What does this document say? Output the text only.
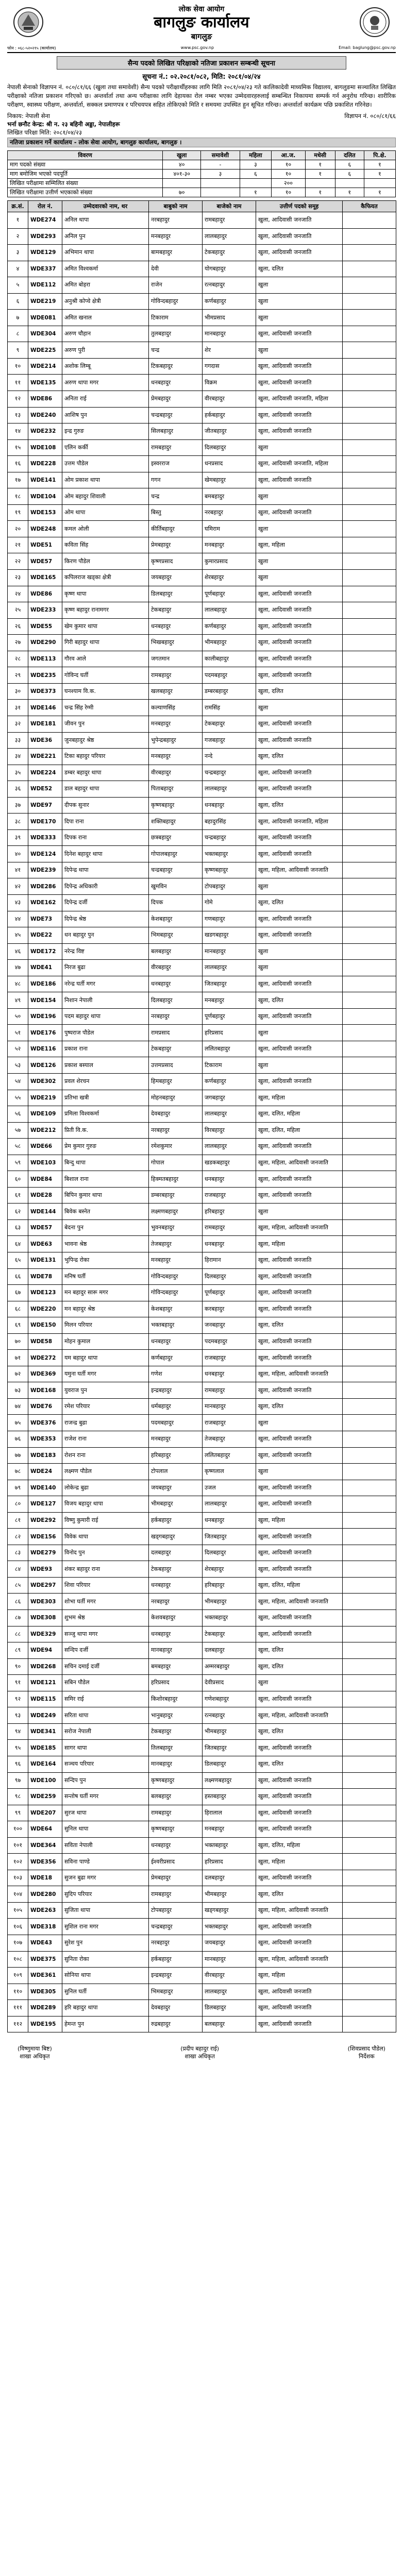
लोक सेवा आयोग
बागलुङ कार्यालय
बागलुङ
फोन : ०६८-५२०२१५ (कार्यालय)	www.psc.gov.np	Email: baglung@psc.gov.np
सैन्य पदको लिखित परिक्षाको नतिजा प्रकाशन सम्बन्धी सूचना
सूचना नं.: ०२.२०८१/०८२, मिति: २०८१/०४/२४
नेपाली सेनाको विज्ञापन नं. ०८०/८१/६६ (खुला तथा समावेशी) सैन्य पदको परीक्षार्थीहरुका लागि मिति २०८१/०४/२३ गते कालिकादेवी माध्यमिक विद्यालय, बागलुङमा सञ्चालित लिखित परीक्षाको नतिजा प्रकाशन गरिएको छ। अन्तर्वार्ता तथा अन्य परीक्षाका लागि देहायका रोल नम्बर भएका उम्मेदवारहरुलाई सम्बन्धित निकायमा सम्पर्क गर्न अनुरोध गरिन्छ। शारीरिक परीक्षण, स्वास्थ्य परीक्षण, अन्तर्वार्ता, सक्कल प्रमाणपत्र र परिचयपत्र सहित तोकिएको मिति र समयमा उपस्थित हुन सूचित गरिन्छ। अन्तर्वार्ता कार्यक्रम पछि प्रकाशित गरिनेछ।
निकाय: नेपाली सेना	विज्ञापन नं. ०८०/८१/६६
भर्ना छनौट केन्द्र: श्री न. २३ बहिनी अड्डा, नेपालीहरू
लिखित परिक्षा मिति: २०८१/०४/२३
नतिजा प्रकाशन गर्ने कार्यालय - लोक सेवा आयोग, बागलुङ कार्यालय, बागलुङ ।
विवरण	खुला	समावेशी	महिला	आ.ज.	मधेसी	दलित	पि.क्षे.
माग पदको संख्या	४०	-	३	१०	१	६	१
माग बमोजिम भएको पदपूर्ति	४०१-३०	३	६	१०	१	६	१
लिखित परीक्षामा सम्मिलित संख्या				२००			
लिखित परीक्षामा उत्तीर्ण भएकाको संख्या	७०		१	१०	१	१	१
क्र.सं.	रोल नं.	उम्मेदवारको नाम, थर	बाबुको नाम	बाजेको नाम	उत्तीर्ण पदको समूह	कैफियत
१	WDE274	अनिल थापा	नरबहादुर	रामबहादुर	खुला, आदिवासी जनजाति	
२	WDE293	अनिल पुन	मनबहादुर	लालबहादुर	खुला, आदिवासी जनजाति	
३	WDE129	अभिमान थापा	बामबहादुर	टेकबहादुर	खुला, आदिवासी जनजाति	
४	WDE337	अमित विश्वकर्मा	देवी	योगबहादुर	खुला, दलित	
५	WDE112	अमित बोहरा	राजेन	रत्नबहादुर	खुला	
६	WDE219	अनुश्री कोप्चे क्षेत्री	गोविन्दबहादुर	कर्णबहादुर	खुला	
७	WDE081	अमित खनाल	टिकाराम	भीमप्रसाद	खुला	
८	WDE304	अरुण चौहान	तुलबहादुर	मानबहादुर	खुला, आदिवासी जनजाति	
९	WDE225	अरुण पुरी	चन्द्र	शेर	खुला	
१०	WDE214	अशोक लिम्बू	टिकबहादुर	गगदास	खुला, आदिवासी जनजाति	
११	WDE135	अरुण थापा मगर	धनबहादुर	विक्रम	खुला, आदिवासी जनजाति	
१२	WDE86	अनिता राई	प्रेमबहादुर	वीरबहादुर	खुला, आदिवासी जनजाति, महिला	
१३	WDE240	आशिष पुन	चन्द्रबहादुर	हर्कबहादुर	खुला, आदिवासी जनजाति	
१४	WDE232	इन्द्र गुरुङ	सिलबहादुर	जीतबहादुर	खुला, आदिवासी जनजाति	
१५	WDE108	एलिन कर्की	रामबहादुर	दिलबहादुर	खुला	
१६	WDE228	उत्तम पौडेल	इस्वरराज	धनप्रसाद	खुला, आदिवासी जनजाति, महिला	
१७	WDE141	ओम प्रकाश थापा	गगन	खेमबहादुर	खुला, आदिवासी जनजाति	
१८	WDE104	ओम बहादुर शिवाली	चन्द्र	बमबहादुर	खुला	
१९	WDE153	ओम थापा	बिस्तु	नरबहादुर	खुला, आदिवासी जनजाति	
२०	WDE248	कमल ओली	कीर्तिबहादुर	घमिराम	खुला	
२१	WDE51	कविता सिंह	प्रेमबहादुर	मनबहादुर	खुला, महिला	
२२	WDE57	किरण पौडेल	कृष्णप्रसाद	कुमारप्रसाद	खुला	
२३	WDE165	कपिलराज खड्का क्षेत्री	जयबहादुर	शेरबहादुर	खुला	
२४	WDE86	कृष्ण थापा	डिलबहादुर	पूर्णबहादुर	खुला, आदिवासी जनजाति	
२५	WDE233	कृष्ण बहादुर रानामगर	टेकबहादुर	लालबहादुर	खुला, आदिवासी जनजाति	
२६	WDE55	खेम कुमार थापा	धनबहादुर	कर्णबहादुर	खुला, आदिवासी जनजाति	
२७	WDE290	गिरी बहादुर थापा	भिखबहादुर	भीमबहादुर	खुला, आदिवासी जनजाति	
२८	WDE113	गौरव आले	जगतमान	कालीबहादुर	खुला, आदिवासी जनजाति	
२९	WDE235	गोविन्द घर्ती	रामबहादुर	पदमबहादुर	खुला, आदिवासी जनजाति	
३०	WDE373	घनश्याम वि.क.	खलबहादुर	डम्बरबहादुर	खुला, दलित	
३१	WDE146	चन्द्र सिंह रेग्मी	कल्याणसिंह	रामसिंह	खुला	
३२	WDE181	जीवन पुन	मनबहादुर	टेकबहादुर	खुला, आदिवासी जनजाति	
३३	WDE36	जुनबहादुर श्रेष्ठ	भुपेन्द्रबहादुर	गजबहादुर	खुला, आदिवासी जनजाति	
३४	WDE221	टिका बहादुर परियार	मनबहादुर	नन्दे	खुला, दलित	
३५	WDE224	डम्बर बहादुर थापा	वीरबहादुर	चन्द्रबहादुर	खुला, आदिवासी जनजाति	
३६	WDE52	डाल बहादुर थापा	पिताबहादुर	लालबहादुर	खुला, आदिवासी जनजाति	
३७	WDE97	दीपक सुनार	कृष्णबहादुर	धनबहादुर	खुला, दलित	
३८	WDE170	दिपा राना	शक्तिबहादुर	बहादुरसिंह	खुला, आदिवासी जनजाति, महिला	
३९	WDE333	दिपक राना	छत्रबहादुर	चन्द्रबहादुर	खुला, आदिवासी जनजाति	
४०	WDE124	दिनेश बहादुर थापा	गोपालबहादुर	भक्तबहादुर	खुला, आदिवासी जनजाति	
४१	WDE239	दिपेन्द्र थापा	चन्द्रबहादुर	कृष्णबहादुर	खुला, महिला, आदिवासी जनजाति	
४२	WDE286	दिपेन्द्र अधिकारी	खुमविन	टोपबहादुर	खुला	
४३	WDE162	दिपेन्द्र दर्जी	दिपक	गोमे	खुला, दलित	
४४	WDE73	दिपेन्द्र श्रेष्ठ	केशबहादुर	गणबहादुर	खुला, आदिवासी जनजाति	
४५	WDE22	धन बहादुर पुन	भिमबहादुर	खडगबहादुर	खुला, आदिवासी जनजाति	
४६	WDE172	नरेन्द्र विष्ट	बलबहादुर	मानबहादुर	खुला	
४७	WDE41	निरज बुढा	वीरबहादुर	लालबहादुर	खुला	
४८	WDE186	नरेन्द्र घर्ती मगर	धनबहादुर	जितबहादुर	खुला, आदिवासी जनजाति	
४९	WDE154	निशान नेपाली	दिलबहादुर	मनबहादुर	खुला, दलित	
५०	WDE196	पदम बहादुर थापा	नरबहादुर	पूर्णबहादुर	खुला, आदिवासी जनजाति	
५१	WDE176	पुष्पराज पौडेल	रामप्रसाद	हरिप्रसाद	खुला	
५२	WDE116	प्रकाश राना	टेकबहादुर	ललितबहादुर	खुला, आदिवासी जनजाति	
५३	WDE126	प्रकाश बस्याल	उत्तमप्रसाद	टिकाराम	खुला	
५४	WDE302	प्रवल शेरचन	हिमबहादुर	कर्णबहादुर	खुला, आदिवासी जनजाति	
५५	WDE219	प्रतिभा खत्री	मोहनबहादुर	जगबहादुर	खुला, महिला	
५६	WDE109	प्रमिला विश्वकर्मा	देवबहादुर	लालबहादुर	खुला, दलित, महिला	
५७	WDE212	प्रिती वि.क.	नरबहादुर	विरबहादुर	खुला, दलित, महिला	
५८	WDE66	प्रेम कुमार गुरुङ	रमेशकुमार	लालबहादुर	खुला, आदिवासी जनजाति	
५९	WDE103	बिन्दु थापा	गोपाल	खडकबहादुर	खुला, महिला, आदिवासी जनजाति	
६०	WDE84	बिशाल राना	हिक्मतबहादुर	धनबहादुर	खुला, आदिवासी जनजाति	
६१	WDE28	बिपिन कुमार थापा	डम्बरबहादुर	राजबहादुर	खुला, आदिवासी जनजाति	
६२	WDE144	बिवेक बस्नेत	लक्ष्मणबहादुर	हरिबहादुर	खुला	
६३	WDE57	बेदना पुन	भुवनबहादुर	रामबहादुर	खुला, महिला, आदिवासी जनजाति	
६४	WDE63	भावना श्रेष्ठ	तेजबहादुर	धनबहादुर	खुला, महिला	
६५	WDE131	भुपिन्द्र रोका	मनबहादुर	हिरामान	खुला, आदिवासी जनजाति	
६६	WDE78	मनिष घर्ती	गोविन्दबहादुर	दिलबहादुर	खुला, आदिवासी जनजाति	
६७	WDE123	मन बहादुर सारू मगर	गोविन्दबहादुर	पूर्णबहादुर	खुला, आदिवासी जनजाति	
६८	WDE220	मन बहादुर श्रेष्ठ	केशबहादुर	करबहादुर	खुला, आदिवासी जनजाति	
६९	WDE150	मिलन परियार	भक्तबहादुर	जनबहादुर	खुला, दलित	
७०	WDE58	मोहन कुमाल	धनबहादुर	पदमबहादुर	खुला, आदिवासी जनजाति	
७१	WDE272	यम बहादुर थापा	कर्णबहादुर	राजबहादुर	खुला, आदिवासी जनजाति	
७२	WDE369	यमुना घर्ती मगर	गणेश	धनबहादुर	खुला, महिला, आदिवासी जनजाति	
७३	WDE168	युवराज पुन	इन्द्रबहादुर	रामबहादुर	खुला, आदिवासी जनजाति	
७४	WDE76	रमेश परियार	धर्मबहादुर	मानबहादुर	खुला, दलित	
७५	WDE376	राजन्द्र बुढा	पदमबहादुर	राजबहादुर	खुला	
७६	WDE353	राजेश राना	मनबहादुर	तेजबहादुर	खुला, आदिवासी जनजाति	
७७	WDE183	रोशन राना	हरिबहादुर	ललितबहादुर	खुला, आदिवासी जनजाति	
७८	WDE24	लक्ष्मण पौडेल	टोपलाल	कृष्णलाल	खुला	
७९	WDE140	लोकेन्द्र बुढा	जयबहादुर	उजल	खुला, आदिवासी जनजाति	
८०	WDE127	विजय बहादुर थापा	भीमबहादुर	लालबहादुर	खुला, आदिवासी जनजाति	
८१	WDE292	विष्णु कुमारी राई	हर्कबहादुर	धनबहादुर	खुला, महिला	
८२	WDE156	विवेक थापा	खड्गबहादुर	जितबहादुर	खुला, आदिवासी जनजाति	
८३	WDE279	विनोद पुन	दलबहादुर	दिलबहादुर	खुला, आदिवासी जनजाति	
८४	WDE93	शंकर बहादुर राना	टेकबहादुर	शेरबहादुर	खुला, आदिवासी जनजाति	
८५	WDE297	शिवा परियार	धनबहादुर	हरिबहादुर	खुला, दलित, महिला	
८६	WDE303	शोभा घर्ती मगर	नरबहादुर	भीमबहादुर	खुला, महिला, आदिवासी जनजाति	
८७	WDE308	शुभम श्रेष्ठ	केशवबहादुर	भक्तबहादुर	खुला, आदिवासी जनजाति	
८८	WDE329	सञ्जु थापा मगर	धनबहादुर	टेकबहादुर	खुला, आदिवासी जनजाति	
८९	WDE94	सन्दिप दर्जी	मानबहादुर	दलबहादुर	खुला, दलित	
९०	WDE268	सचिन दमाई दर्जी	बमबहादुर	अम्मरबहादुर	खुला, दलित	
९१	WDE121	सबिन पौडेल	हरिप्रसाद	देवीप्रसाद	खुला	
९२	WDE115	समिर राई	किशोरबहादुर	गणेशबहादुर	खुला, आदिवासी जनजाति	
९३	WDE249	सरिता थापा	भानुबहादुर	रत्नबहादुर	खुला, महिला, आदिवासी जनजाति	
९४	WDE341	सरोज नेपाली	टेकबहादुर	भीमबहादुर	खुला, दलित	
९५	WDE185	सागर थापा	तिलबहादुर	जितबहादुर	खुला, आदिवासी जनजाति	
९६	WDE164	सञ्चय परियार	मानबहादुर	डिलबहादुर	खुला, दलित	
९७	WDE100	सन्दिप पुन	कृष्णबहादुर	लक्ष्मणबहादुर	खुला, आदिवासी जनजाति	
९८	WDE259	सन्तोष घर्ती मगर	बलबहादुर	हस्तबहादुर	खुला, आदिवासी जनजाति	
९९	WDE207	सुरज थापा	रामबहादुर	हिरालाल	खुला, आदिवासी जनजाति	
१००	WDE64	सुनिल थापा	कृष्णबहादुर	मनबहादुर	खुला, आदिवासी जनजाति	
१०१	WDE364	सविता नेपाली	धनबहादुर	भक्तबहादुर	खुला, दलित, महिला	
१०२	WDE356	सविना पाण्डे	ईश्वरीप्रसाद	हरिप्रसाद	खुला, महिला	
१०३	WDE18	सुजन बुढा मगर	प्रेमबहादुर	दलबहादुर	खुला, आदिवासी जनजाति	
१०४	WDE280	सुदिप परियार	रामबहादुर	भीमबहादुर	खुला, दलित	
१०५	WDE263	सुजिता थापा	टोपबहादुर	खड्गबहादुर	खुला, महिला, आदिवासी जनजाति	
१०६	WDE318	सुशिल राना मगर	चन्द्रबहादुर	भक्तबहादुर	खुला, आदिवासी जनजाति	
१०७	WDE43	सुरेश पुन	नरबहादुर	जयबहादुर	खुला, आदिवासी जनजाति	
१०८	WDE375	सुनिता रोका	हर्कबहादुर	मानबहादुर	खुला, महिला, आदिवासी जनजाति	
१०९	WDE361	सोनिया थापा	इन्द्रबहादुर	वीरबहादुर	खुला, महिला	
११०	WDE305	सुनिल घर्ती	भिमबहादुर	लालबहादुर	खुला, आदिवासी जनजाति	
१११	WDE289	हरि बहादुर थापा	देवबहादुर	डिलबहादुर	खुला, आदिवासी जनजाति	
११२	WDE195	हेमन्त पुन	रुद्रबहादुर	बलबहादुर	खुला, आदिवासी जनजाति	
(विष्णुमाया बिष्ट)
शाखा अधिकृत
(प्रदीप बहादुर राई)
शाखा अधिकृत
(शिवप्रसाद पौडेल)
निर्देशक
